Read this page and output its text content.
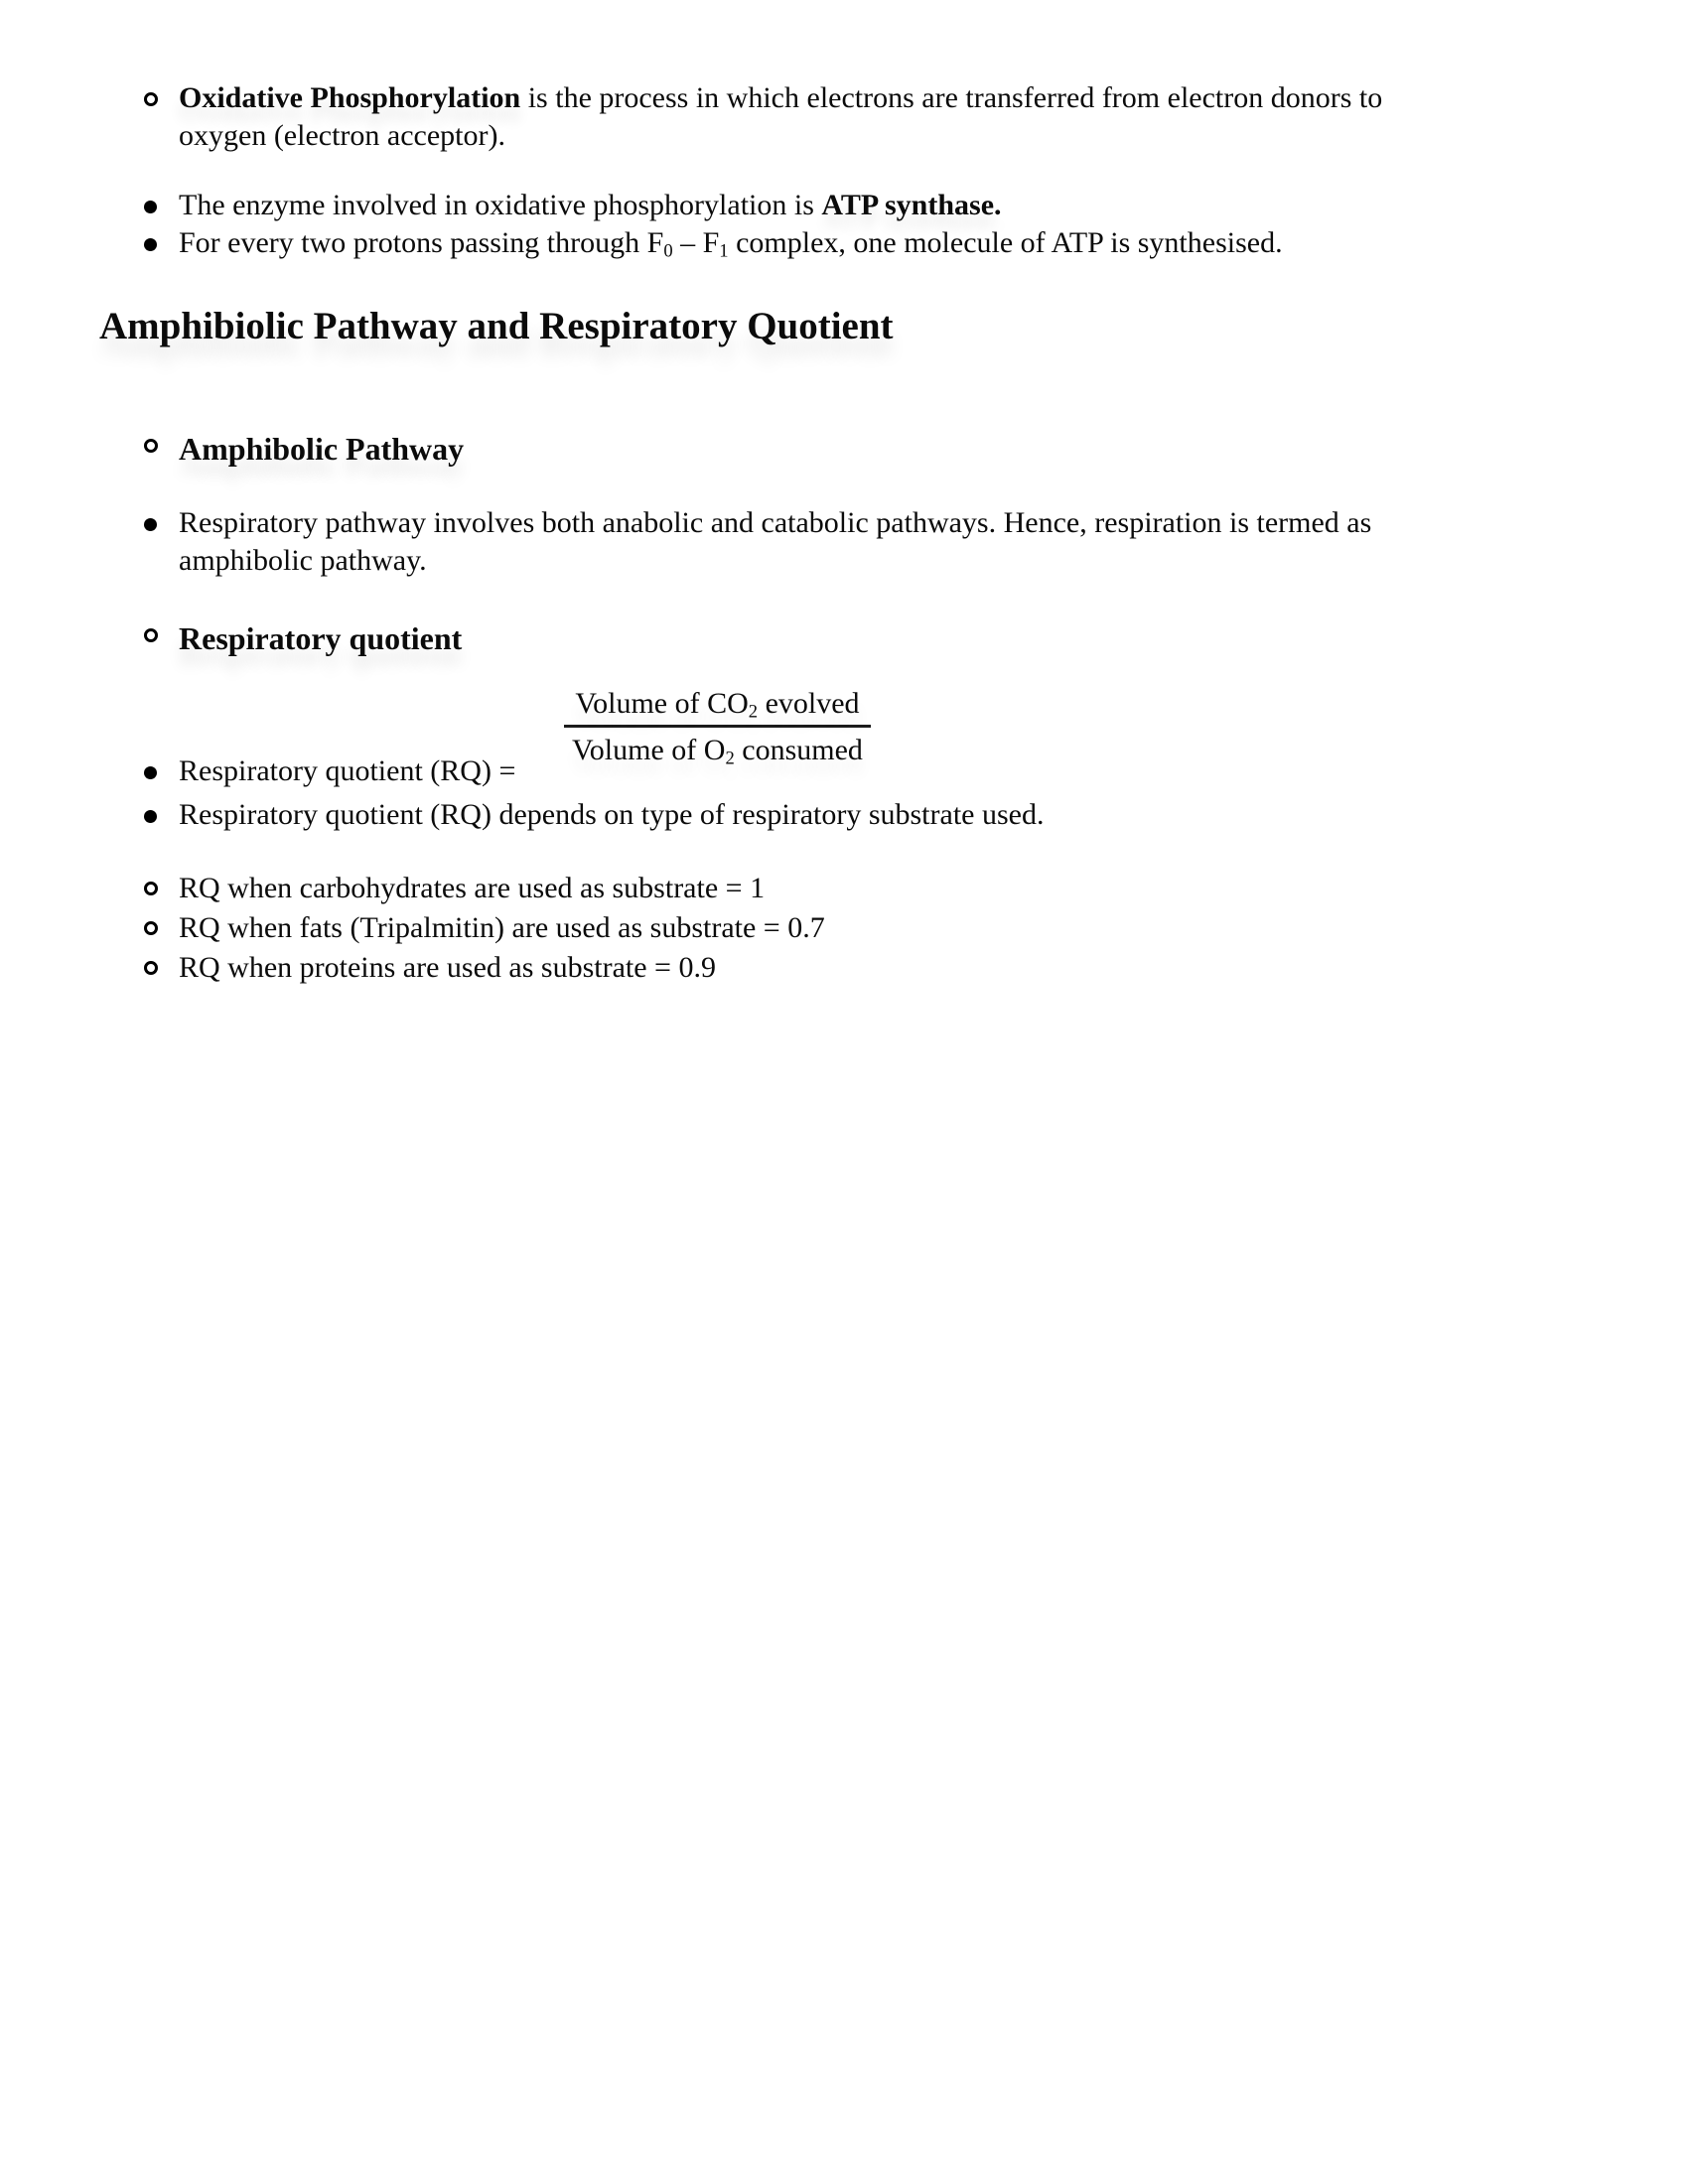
Oxidative Phosphorylation is the process in which electrons are transferred from electron donors to
oxygen (electron acceptor).
The enzyme involved in oxidative phosphorylation is ATP synthase.
For every two protons passing through $F_0 - F_1$ complex, one molecule of ATP is synthesised.
Amphibiolic Pathway and Respiratory Quotient
Amphibolic Pathway
Respiratory pathway involves both anabolic and catabolic pathways. Hence, respiration is termed as
amphibolic pathway.
Respiratory quotient
Respiratory quotient (RQ) =
Volume of $CO_2$ evolved
Volume of $O_2$ consumed
Respiratory quotient (RQ) depends on type of respiratory substrate used.
RQ when carbohydrates are used as substrate = 1
RQ when fats (Tripalmitin) are used as substrate = 0.7
RQ when proteins are used as substrate = 0.9
